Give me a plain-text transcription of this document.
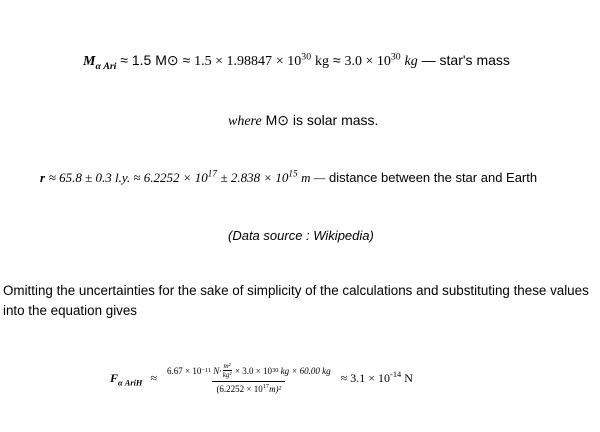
$M_{\alpha Ari} \approx 1.5$ M⊙ ≈ $1.5 \times 1.98847 \times 10^{30}$ kg ≈ $3.0 \times 10^{30}$ kg — star's mass
where M⊙ is solar mass.
r ≈ 65.8 ± 0.3 l.y. ≈ $6.2252 \times 10^{17} \pm 2.838 \times 10^{15}$ m — distance between the star and Earth
(Data source : Wikipedia)
Omitting the uncertainties for the sake of simplicity of the calculations and substituting these values into the equation gives
$F_{\alpha AriH} \approx 6.67 \times 10 -11$
$N\cdot \frac{\text{m²}}{\text{kg²}}$
× 3.0 × 10 30
kg × 60.00 kg
$(6.2252 \times 10^{17}m)^2 \approx 3.1 \times 10^{-14}$ N
